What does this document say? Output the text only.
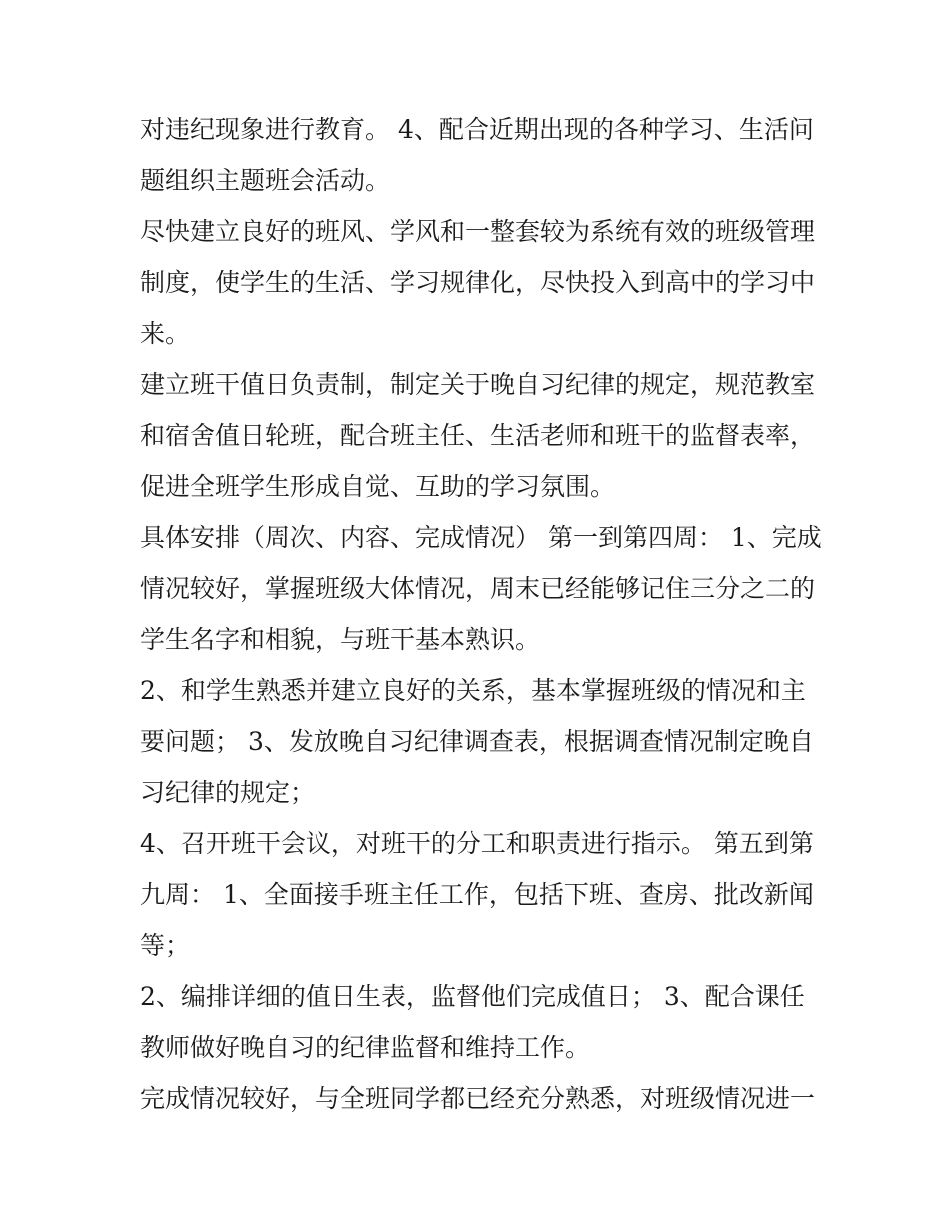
对违纪现象进行教育。 4、配合近期出现的各种学习、生活问
题组织主题班会活动。
尽快建立良好的班风、学风和一整套较为系统有效的班级管理
制度，使学生的生活、学习规律化，尽快投入到高中的学习中
来。
建立班干值日负责制，制定关于晚自习纪律的规定，规范教室
和宿舍值日轮班，配合班主任、生活老师和班干的监督表率，
促进全班学生形成自觉、互助的学习氛围。
具体安排（周次、内容、完成情况） 第一到第四周： 1、完成
情况较好，掌握班级大体情况，周末已经能够记住三分之二的
学生名字和相貌，与班干基本熟识。
2、和学生熟悉并建立良好的关系，基本掌握班级的情况和主
要问题； 3、发放晚自习纪律调查表，根据调查情况制定晚自
习纪律的规定；
4、召开班干会议，对班干的分工和职责进行指示。 第五到第
九周： 1、全面接手班主任工作，包括下班、查房、批改新闻
等；
2、编排详细的值日生表，监督他们完成值日； 3、配合课任
教师做好晚自习的纪律监督和维持工作。
完成情况较好，与全班同学都已经充分熟悉，对班级情况进一
